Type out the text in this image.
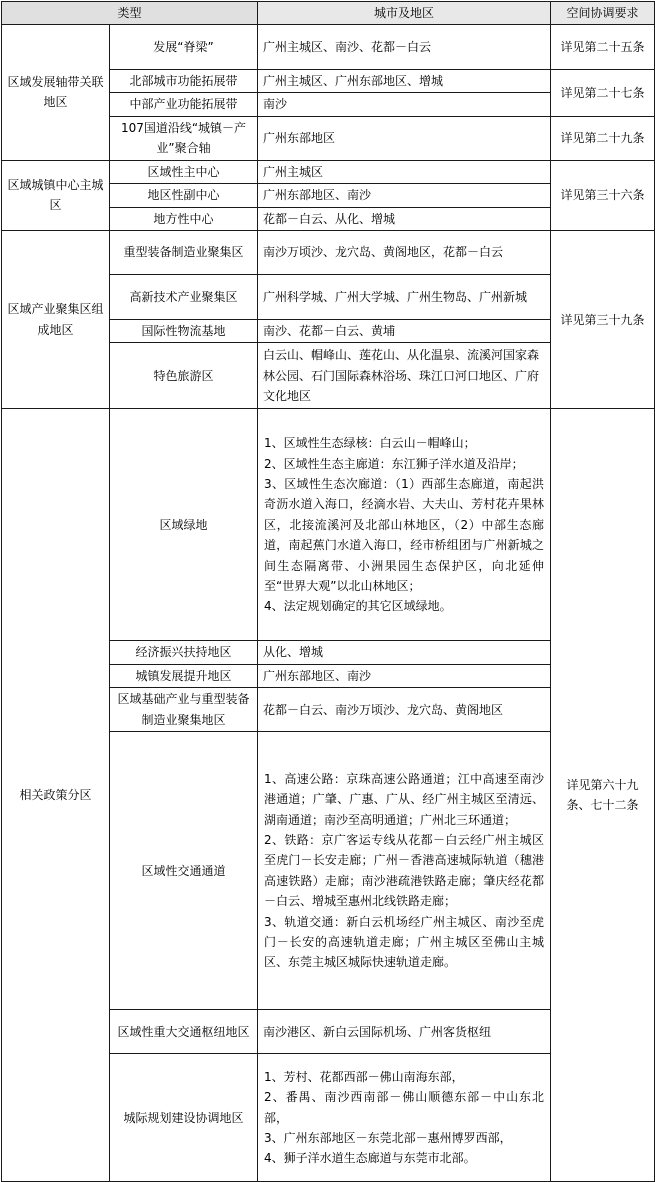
类型		城市及地区	空间协调要求
区域发展轴带关联地区	发展“脊梁”	广州主城区、南沙、花都－白云	详见第二十五条
	北部城市功能拓展带	广州主城区、广州东部地区、增城	详见第二十七条
	中部产业功能拓展带	南沙	
	107国道沿线“城镇－产业”聚合轴	广州东部地区	详见第二十九条
区域城镇中心主城区	区域性主中心	广州主城区	详见第三十六条
	地区性副中心	广州东部地区、南沙	
	地方性中心	花都－白云、从化、增城	
区域产业聚集区组成地区	重型装备制造业聚集区	南沙万顷沙、龙穴岛、黄阁地区，花都－白云	详见第三十九条
	高新技术产业聚集区	广州科学城、广州大学城、广州生物岛、广州新城	
	国际性物流基地	南沙、花都－白云、黄埔	
	特色旅游区	白云山、帽峰山、莲花山、从化温泉、流溪河国家森林公园、石门国际森林浴场、珠江口河口地区、广府文化地区	
相关政策分区	区域绿地	1、区域性生态绿核：白云山－帽峰山；
2、区域性生态主廊道：东江狮子洋水道及沿岸；
3、区域性生态次廊道：（1）西部生态廊道，南起洪奇沥水道入海口，经滴水岩、大夫山、芳村花卉果林区，北接流溪河及北部山林地区，（2）中部生态廊道，南起蕉门水道入海口，经市桥组团与广州新城之间生态隔离带、小洲果园生态保护区，向北延伸至“世界大观”以北山林地区；
4、法定规划确定的其它区域绿地。	详见第六十九条、七十二条
	经济振兴扶持地区	从化、增城	
	城镇发展提升地区	广州东部地区、南沙	
	区域基础产业与重型装备制造业聚集地区	花都－白云、南沙万顷沙、龙穴岛、黄阁地区	
	区域性交通通道	1、高速公路：京珠高速公路通道；江中高速至南沙港通道；广肇、广惠、广从、经广州主城区至清远、湖南通道；南沙至高明通道；广州北三环通道；
2、铁路：京广客运专线从花都－白云经广州主城区至虎门－长安走廊；广州－香港高速城际轨道（穗港高速铁路）走廊；南沙港疏港铁路走廊；肇庆经花都－白云、增城至惠州北线铁路走廊；
3、轨道交通：新白云机场经广州主城区、南沙至虎门－长安的高速轨道走廊；广州主城区至佛山主城区、东莞主城区城际快速轨道走廊。	

	区域性重大交通枢纽地区	南沙港区、新白云国际机场、广州客货枢纽	
	城际规划建设协调地区	1、芳村、花都西部－佛山南海东部，
2、番禺、南沙西南部－佛山顺德东部－中山东北部，
3、广州东部地区－东莞北部－惠州博罗西部，
4、狮子洋水道生态廊道与东莞市北部。	
